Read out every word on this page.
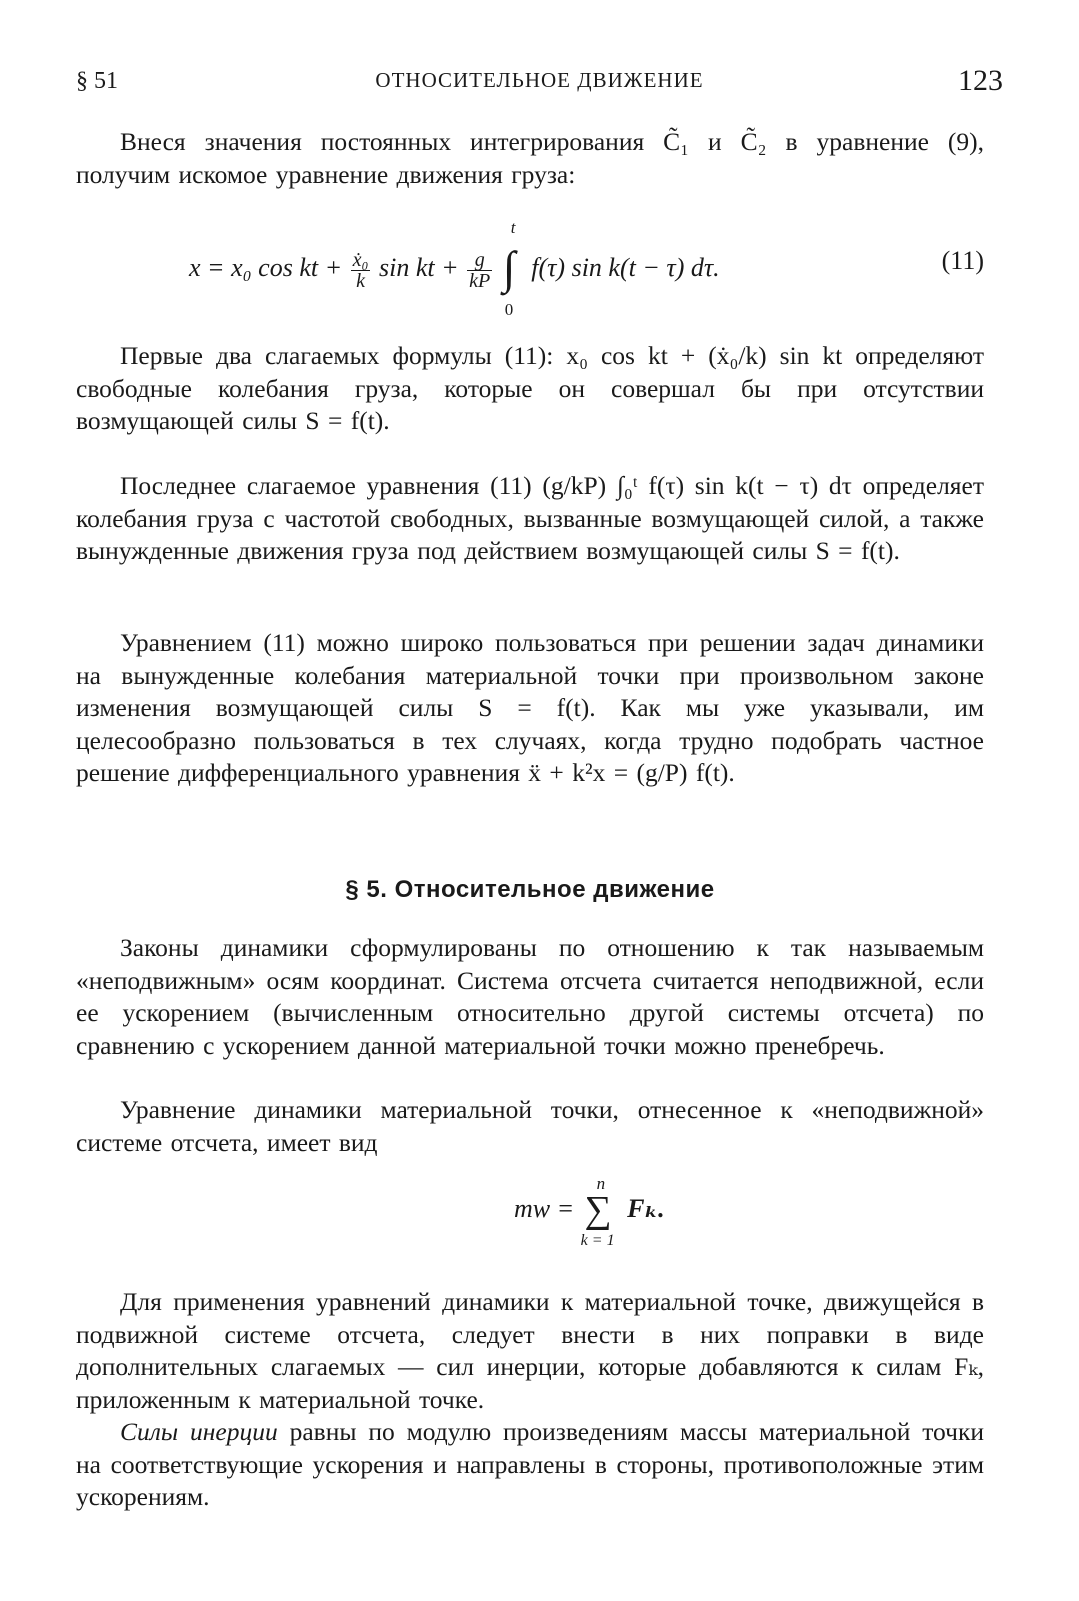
§ 51	ОТНОСИТЕЛЬНОЕ ДВИЖЕНИЕ	123
Внеся значения постоянных интегрирования C̃₁ и C̃₂ в уравнение (9), получим искомое уравнение движения груза:
x = x₀ cos kt + $\frac{\text{ẋ₀}}{k}$ sin kt + $\frac{g}{kP}$

t
∫
0
f(τ) sin k(t − τ) dτ.	(11)
Первые два слагаемых формулы (11): x₀ cos kt + (ẋ₀/k) sin kt определяют свободные колебания груза, которые он совершал бы при отсутствии возмущающей силы S = f(t).
Последнее слагаемое уравнения (11) (g/kP) ∫₀ᵗ f(τ) sin k(t − τ) dτ определяет колебания груза с частотой свободных, вызванные возмущающей силой, а также вынужденные движения груза под действием возмущающей силы S = f(t).
Уравнением (11) можно широко пользоваться при решении задач динамики на вынужденные колебания материальной точки при произвольном законе изменения возмущающей силы S = f(t). Как мы уже указывали, им целесообразно пользоваться в тех случаях, когда трудно подобрать частное решение дифференциального уравнения ẍ + k²x = (g/P) f(t).
§ 5. Относительное движение
Законы динамики сформулированы по отношению к так называемым «неподвижным» осям координат. Система отсчета считается неподвижной, если ее ускорением (вычисленным относительно другой системы отсчета) по сравнению с ускорением данной материальной точки можно пренебречь.
Уравнение динамики материальной точки, отнесенное к «неподвижной» системе отсчета, имеет вид
mw =
n
∑
k = 1
Fₖ.
Для применения уравнений динамики к материальной точке, движущейся в подвижной системе отсчета, следует внести в них поправки в виде дополнительных слагаемых — сил инерции, которые добавляются к силам Fₖ, приложенным к материальной точке.
Силы инерции равны по модулю произведениям массы материальной точки на соответствующие ускорения и направлены в стороны, противоположные этим ускорениям.
